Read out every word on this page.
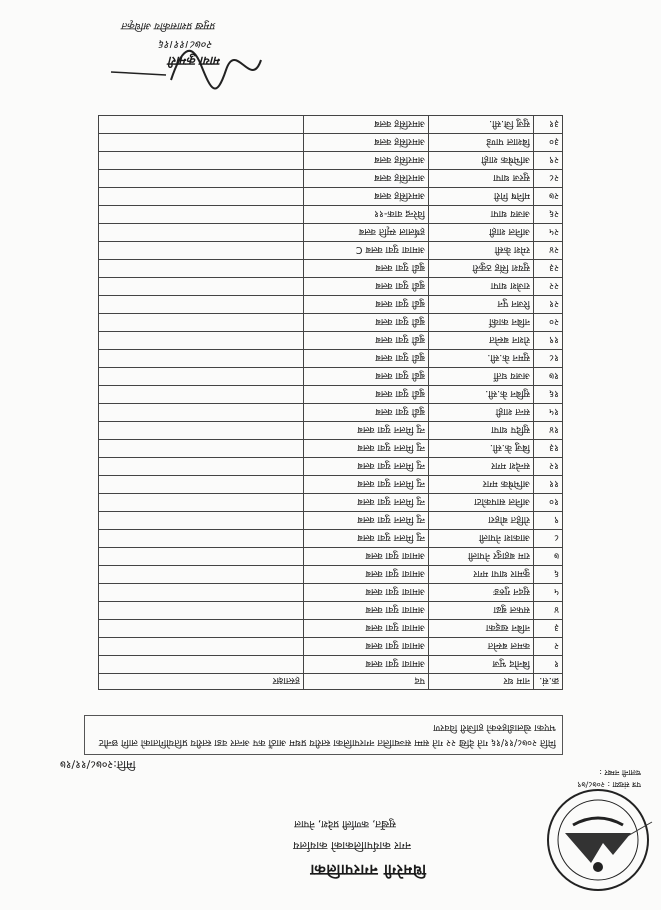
धिमरेगी नगरपालिका
नगर कार्यपालिकाको कार्यालय
सुर्खेत, कर्णाली प्रदेश, नेपाल
पत्र संख्या : २०७८/७९
चलानी नम्बर :
मिति:२०७८/११/१७
मिति २०७८/११/१६ गते देखि २२ गते सम्म सञ्चालित नगरपालिका स्तरीय प्रथम आठौं कप अन्तर वडा स्तरीय प्रतियोगिताको लागि छनौट भएका खेलाडीहरुको हाजिरी विवरण
क्र.सं.	नाम थर	पद	हस्ताक्षर
१	बिनोद भुज	अमावा युवा क्लब	
२	कमल बस्नेत	अमावा युवा क्लब	
३	नबिन खड्का	अमावा युवा क्लब	
४	सफल बुढा	अमावा युवा क्लब	
५	सुदन गुरुङ	अमावा युवा क्लब	
६	कुमार थापा मगर	अमावा युवा क्लब	
७	राम बहादुर नेपाली	अमावा युवा क्लब	
८	आकाश नेपाली	न्यु मिलन युवा क्लब	
९	रोहित बोहरा	न्यु मिलन युवा क्लब	
१०	अनिल सापकोटा	न्यु मिलन युवा क्लब	
११	अभिषेक मगर	न्यु मिलन युवा क्लब	
१२	सन्देश मगर	न्यु मिलन युवा क्लब	
१३	बिजु के.सी.	न्यु मिलन युवा क्लब	
१४	सुदिप थापा	न्यु मिलन युवा क्लब	
१५	सन्त शाही	बुढी युवा क्लब	
१६	सुबिन के.सी.	बुढी युवा क्लब	
१७	अजय घर्ती	बुढी युवा क्लब	
१८	सुमन के.सी.	बुढी युवा क्लब	
१९	रोशन बस्नेत	बुढी युवा क्लब	
२०	नबिन कार्की	बुढी युवा क्लब	
२१	रिजन पुन	बुढी युवा क्लब	
२२	राजेश थापा	बुढी युवा क्लब	
२३	सुयश सिंह ठकुरी	बुढी युवा क्लब	
२४	रमेश केसी	अमावा युवा क्लब C	
२५	अनिल शाही	हर्षलाल स्मृति क्लब	
२६	अजय थापा	विरेन्द्र वाक-११	
२७	मनिष गिरी	अमरसिंह क्लब	
२८	सुरज थापा	अमरसिंह क्लब	
२९	अभिषेक शाही	अमरसिंह क्लब	
३०	बिशाल पाण्डे	अमरसिंह क्लब	
३१	सुजु जि.सी.	अमरसिंह क्लब	
माया कुमारी
२०७८।११।१६
प्रमुख प्रशासकीय अधिकृत
